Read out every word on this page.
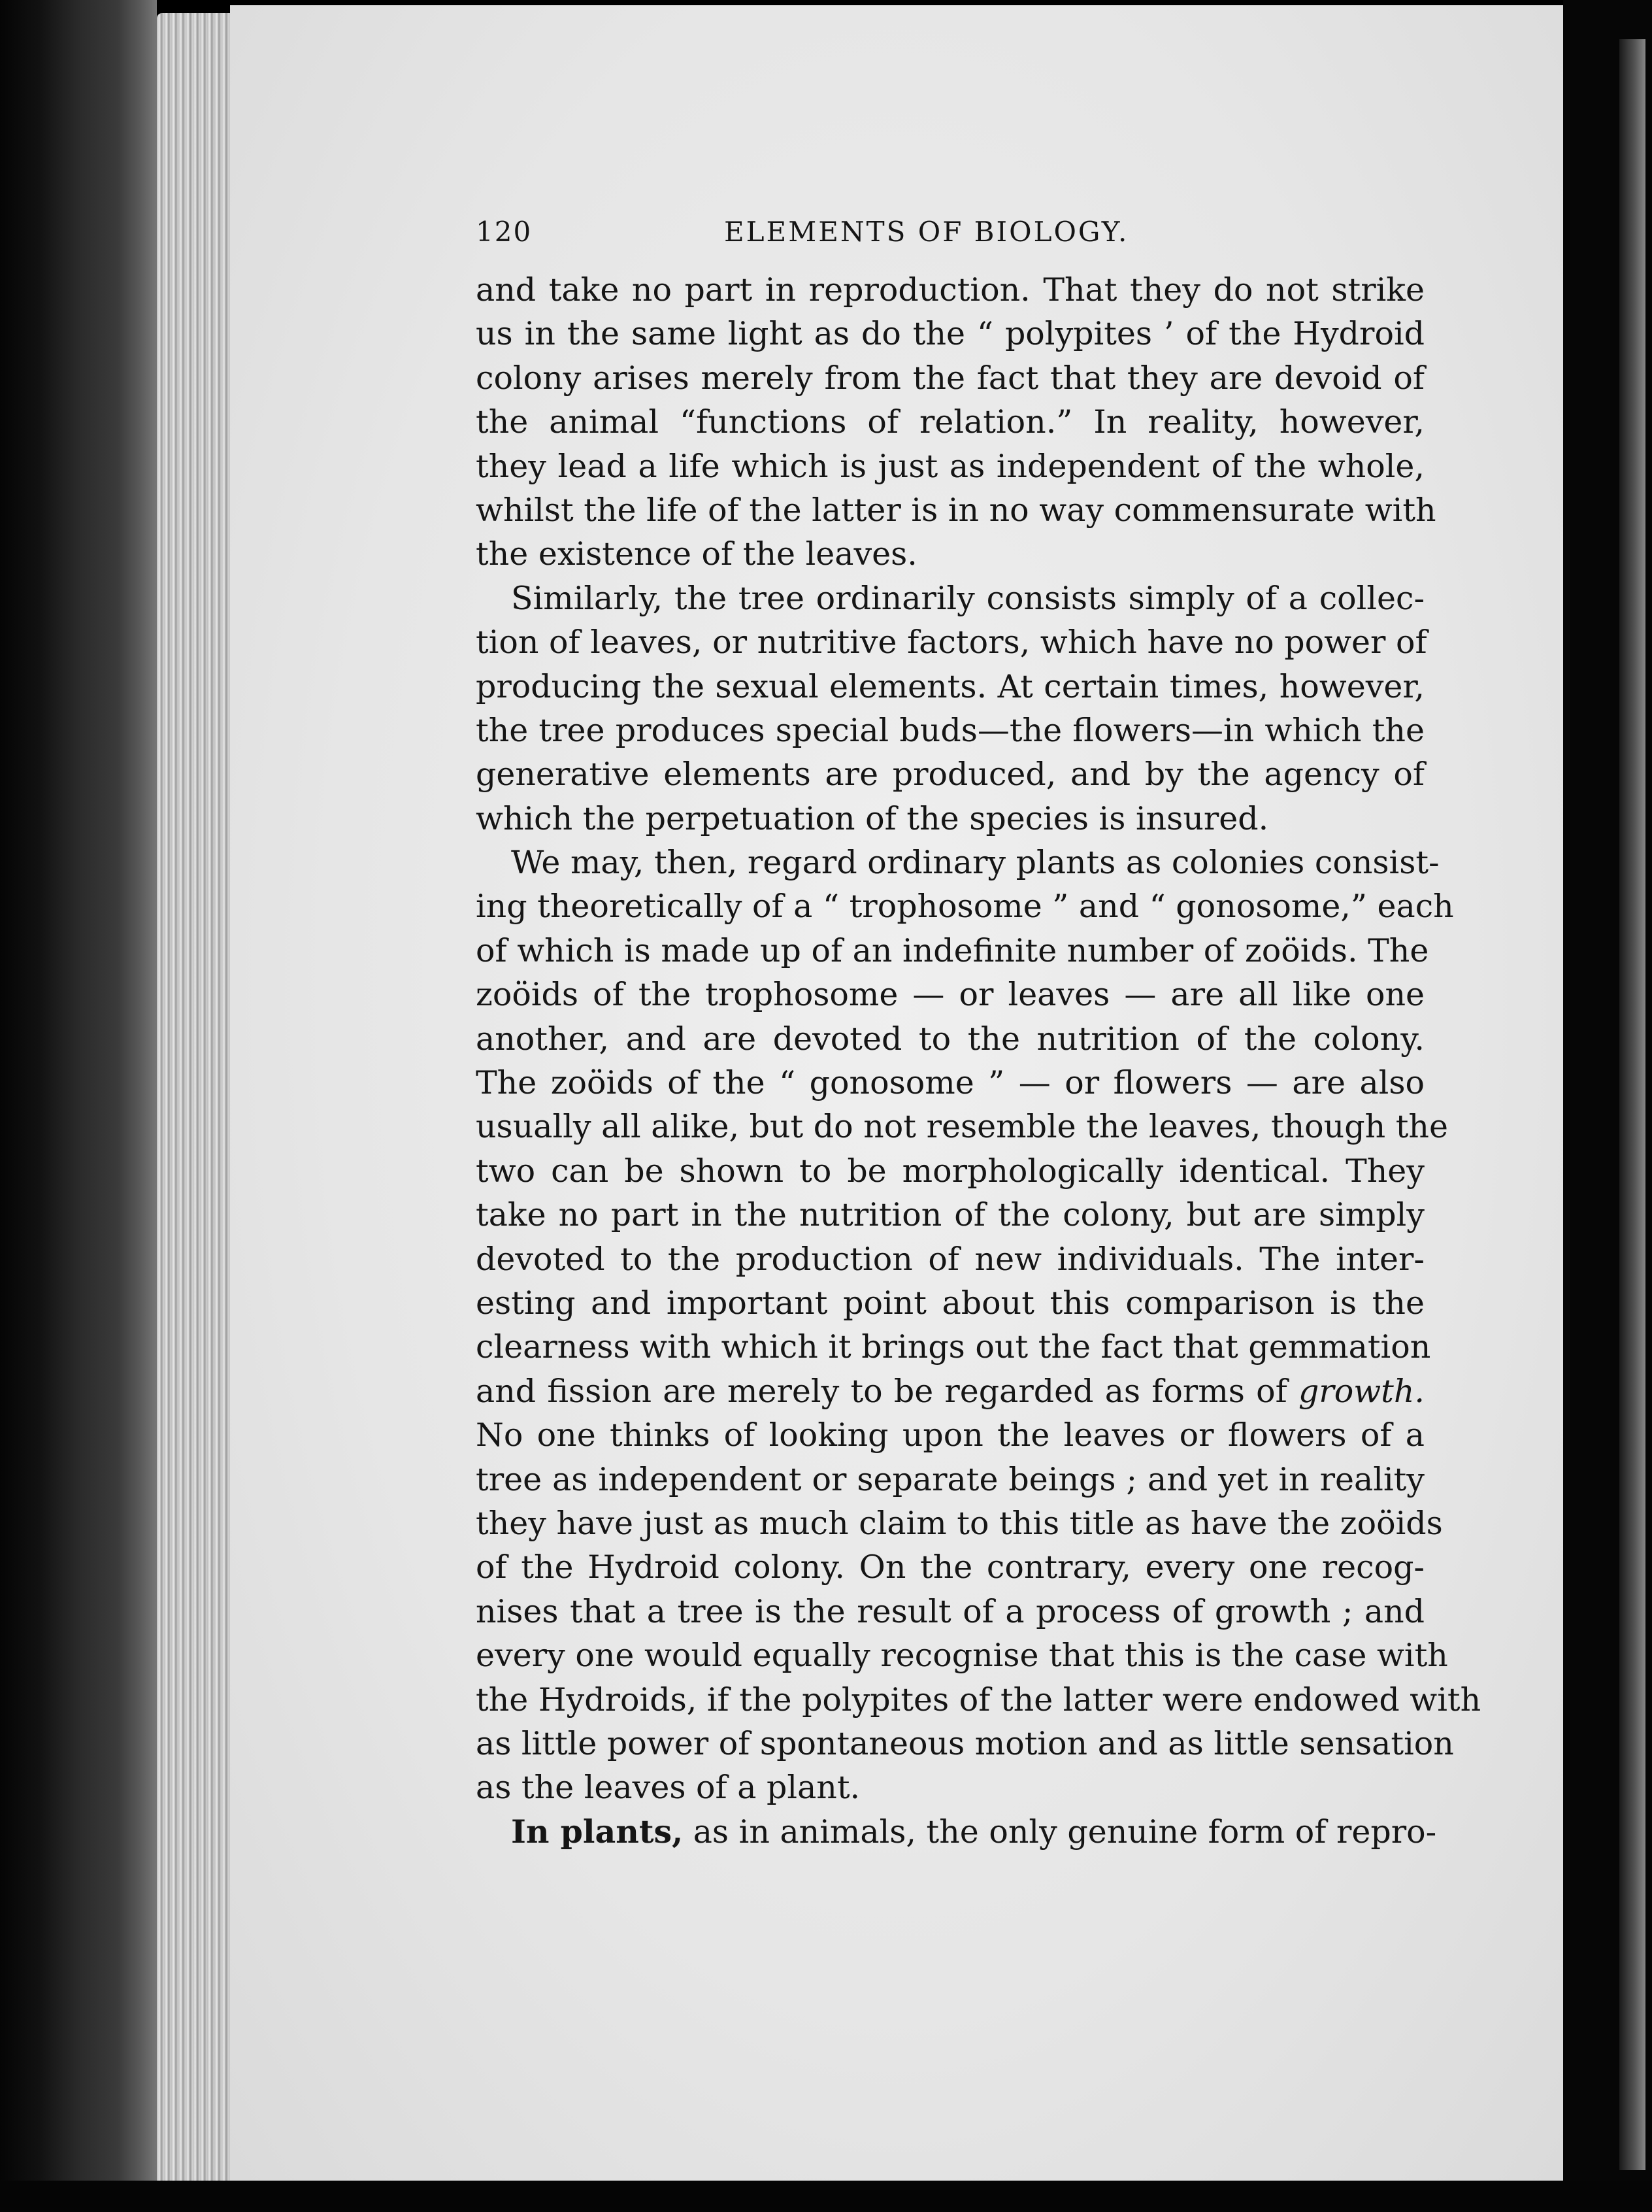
120	ELEMENTS OF BIOLOGY.
and take no part in reproduction. That they do not strike
us in the same light as do the “ polypites ’ of the Hydroid
colony arises merely from the fact that they are devoid of
the animal “functions of relation.” In reality, however,
they lead a life which is just as independent of the whole,
whilst the life of the latter is in no way commensurate with
the existence of the leaves.
Similarly, the tree ordinarily consists simply of a collec-
tion of leaves, or nutritive factors, which have no power of
producing the sexual elements. At certain times, however,
the tree produces special buds—the flowers—in which the
generative elements are produced, and by the agency of
which the perpetuation of the species is insured.
We may, then, regard ordinary plants as colonies consist-
ing theoretically of a “ trophosome ” and “ gonosome,” each
of which is made up of an indefinite number of zoöids. The
zoöids of the trophosome — or leaves — are all like one
another, and are devoted to the nutrition of the colony.
The zoöids of the “ gonosome ” — or flowers — are also
usually all alike, but do not resemble the leaves, though the
two can be shown to be morphologically identical. They
take no part in the nutrition of the colony, but are simply
devoted to the production of new individuals. The inter-
esting and important point about this comparison is the
clearness with which it brings out the fact that gemmation
and fission are merely to be regarded as forms of growth.
No one thinks of looking upon the leaves or flowers of a
tree as independent or separate beings ; and yet in reality
they have just as much claim to this title as have the zoöids
of the Hydroid colony. On the contrary, every one recog-
nises that a tree is the result of a process of growth ; and
every one would equally recognise that this is the case with
the Hydroids, if the polypites of the latter were endowed with
as little power of spontaneous motion and as little sensation
as the leaves of a plant.
In plants, as in animals, the only genuine form of repro-
